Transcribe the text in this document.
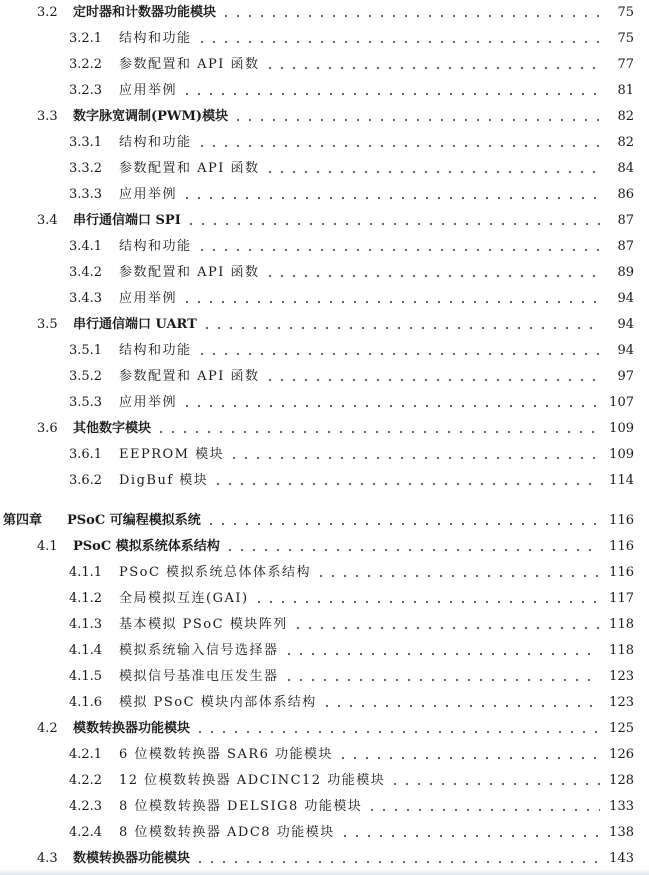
3.2	定时器和计数器功能模块	75
3.2.1	结构和功能	75
3.2.2	参数配置和 API 函数	77
3.2.3	应用举例	81
3.3	数字脉宽调制(PWM)模块	82
3.3.1	结构和功能	82
3.3.2	参数配置和 API 函数	84
3.3.3	应用举例	86
3.4	串行通信端口 SPI	87
3.4.1	结构和功能	87
3.4.2	参数配置和 API 函数	89
3.4.3	应用举例	94
3.5	串行通信端口 UART	94
3.5.1	结构和功能	94
3.5.2	参数配置和 API 函数	97
3.5.3	应用举例	107
3.6	其他数字模块	109
3.6.1	EEPROM 模块	109
3.6.2	DigBuf 模块	114
第四章	PSoC 可编程模拟系统	116
4.1	PSoC 模拟系统体系结构	116
4.1.1	PSoC 模拟系统总体体系结构	116
4.1.2	全局模拟互连(GAI)	117
4.1.3	基本模拟 PSoC 模块阵列	118
4.1.4	模拟系统输入信号选择器	118
4.1.5	模拟信号基准电压发生器	123
4.1.6	模拟 PSoC 模块内部体系结构	123
4.2	模数转换器功能模块	125
4.2.1	6 位模数转换器 SAR6 功能模块	126
4.2.2	12 位模数转换器 ADCINC12 功能模块	128
4.2.3	8 位模数转换器 DELSIG8 功能模块	133
4.2.4	8 位模数转换器 ADC8 功能模块	138
4.3	数模转换器功能模块	143
